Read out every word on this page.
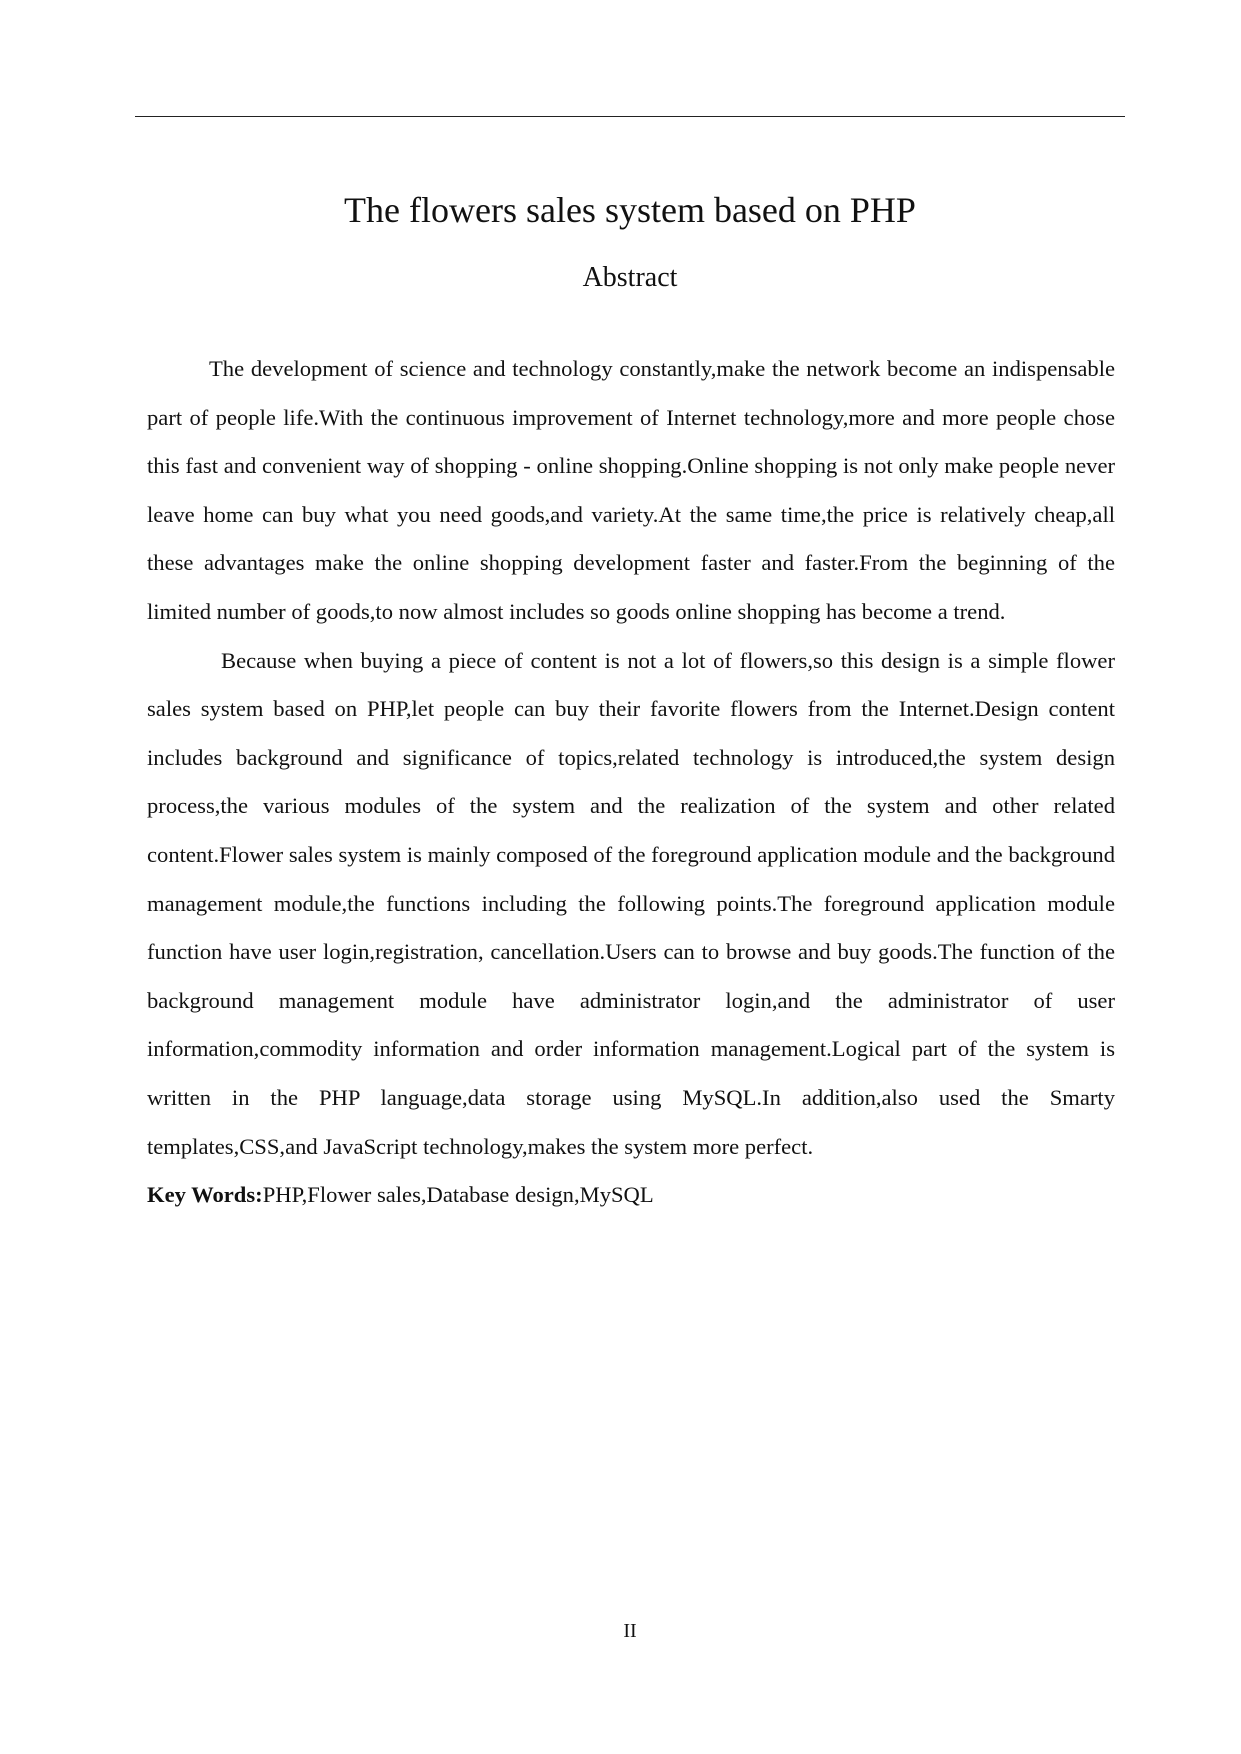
The flowers sales system based on PHP
Abstract

The development of science and technology constantly,make the network become an indispensable part of people life.With the continuous improvement of Internet technology,more and more people chose this fast and convenient way of shopping - online shopping.Online shopping is not only make people never leave home can buy what you need goods,and variety.At the same time,the price is relatively cheap,all these advantages make the online shopping development faster and faster.From the beginning of the limited number of goods,to now almost includes so goods online shopping has become a trend.

Because when buying a piece of content is not a lot of flowers,so this design is a simple flower sales system based on PHP,let people can buy their favorite flowers from the Internet.Design content includes background and significance of topics,related technology is introduced,the system design process,the various modules of the system and the realization of the system and other related content.Flower sales system is mainly composed of the foreground application module and the background management module,the functions including the following points.The foreground application module function have user login,registration, cancellation.Users can to browse and buy goods.The function of the background management module have administrator login,and the administrator of user information,commodity information and order information management.Logical part of the system is written in the PHP language,data storage using MySQL.In addition,also used the Smarty templates,CSS,and JavaScript technology,makes the system more perfect.

Key Words:PHP,Flower sales,Database design,MySQL

II
